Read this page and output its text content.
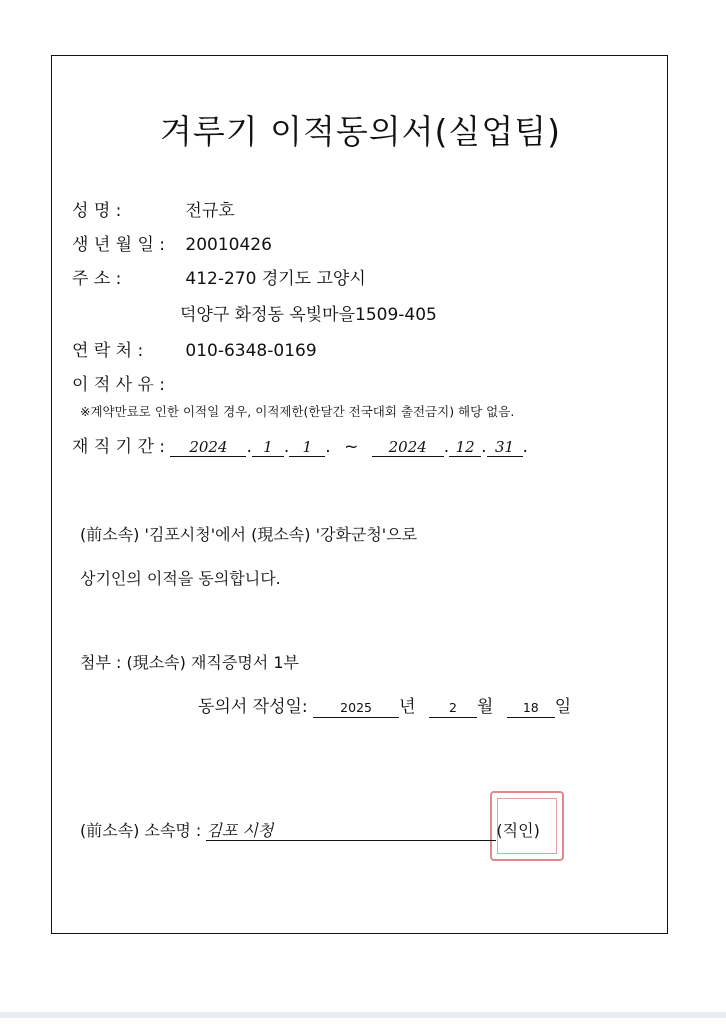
겨루기 이적동의서(실업팀)
성 명 :	전규호
생 년 월 일 : 20010426
주 소 :	412-270 경기도 고양시
덕양구 화정동 옥빛마을1509-405
연 락 처 : 010-6348-0169
이 적 사 유 :
※계약만료로 인한 이적일 경우, 이적제한(한달간 전국대회 출전금지) 해당 없음.
재 직 기 간 : 2024 . 1 . 1 . ~ 2024 . 12 . 31 .
(前소속) '김포시청'에서 (現소속) '강화군청'으로
상기인의 이적을 동의합니다.
첨부 : (現소속) 재직증명서 1부
동의서 작성일:	2025 년	2 월 18 일
(前소속) 소속명 : 김포 시청	(직인)
